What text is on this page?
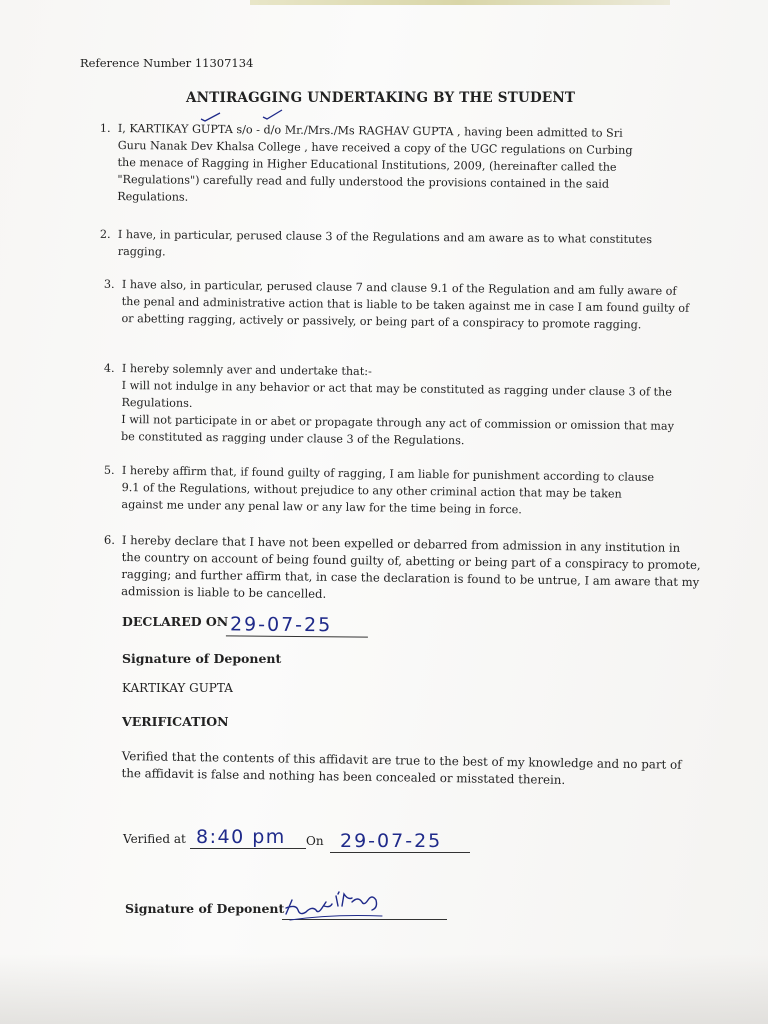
Reference Number 11307134
ANTIRAGGING UNDERTAKING BY THE STUDENT
1. I, KARTIKAY GUPTA s/o - d/o Mr./Mrs./Ms RAGHAV GUPTA , having been admitted to Sri Guru Nanak Dev Khalsa College , have received a copy of the UGC regulations on Curbing the menace of Ragging in Higher Educational Institutions, 2009, (hereinafter called the "Regulations") carefully read and fully understood the provisions contained in the said Regulations.
2. I have, in particular, perused clause 3 of the Regulations and am aware as to what constitutes ragging.
3. I have also, in particular, perused clause 7 and clause 9.1 of the Regulation and am fully aware of the penal and administrative action that is liable to be taken against me in case I am found guilty of or abetting ragging, actively or passively, or being part of a conspiracy to promote ragging.
4. I hereby solemnly aver and undertake that:-
I will not indulge in any behavior or act that may be constituted as ragging under clause 3 of the Regulations.
I will not participate in or abet or propagate through any act of commission or omission that may be constituted as ragging under clause 3 of the Regulations.
5. I hereby affirm that, if found guilty of ragging, I am liable for punishment according to clause 9.1 of the Regulations, without prejudice to any other criminal action that may be taken against me under any penal law or any law for the time being in force.
6. I hereby declare that I have not been expelled or debarred from admission in any institution in the country on account of being found guilty of, abetting or being part of a conspiracy to promote, ragging; and further affirm that, in case the declaration is found to be untrue, I am aware that my admission is liable to be cancelled.
DECLARED ON 29-07-25
Signature of Deponent
KARTIKAY GUPTA
VERIFICATION
Verified that the contents of this affidavit are true to the best of my knowledge and no part of the affidavit is false and nothing has been concealed or misstated therein.
Verified at 8:40 pm	On 29-07-25
Signature of Deponent
